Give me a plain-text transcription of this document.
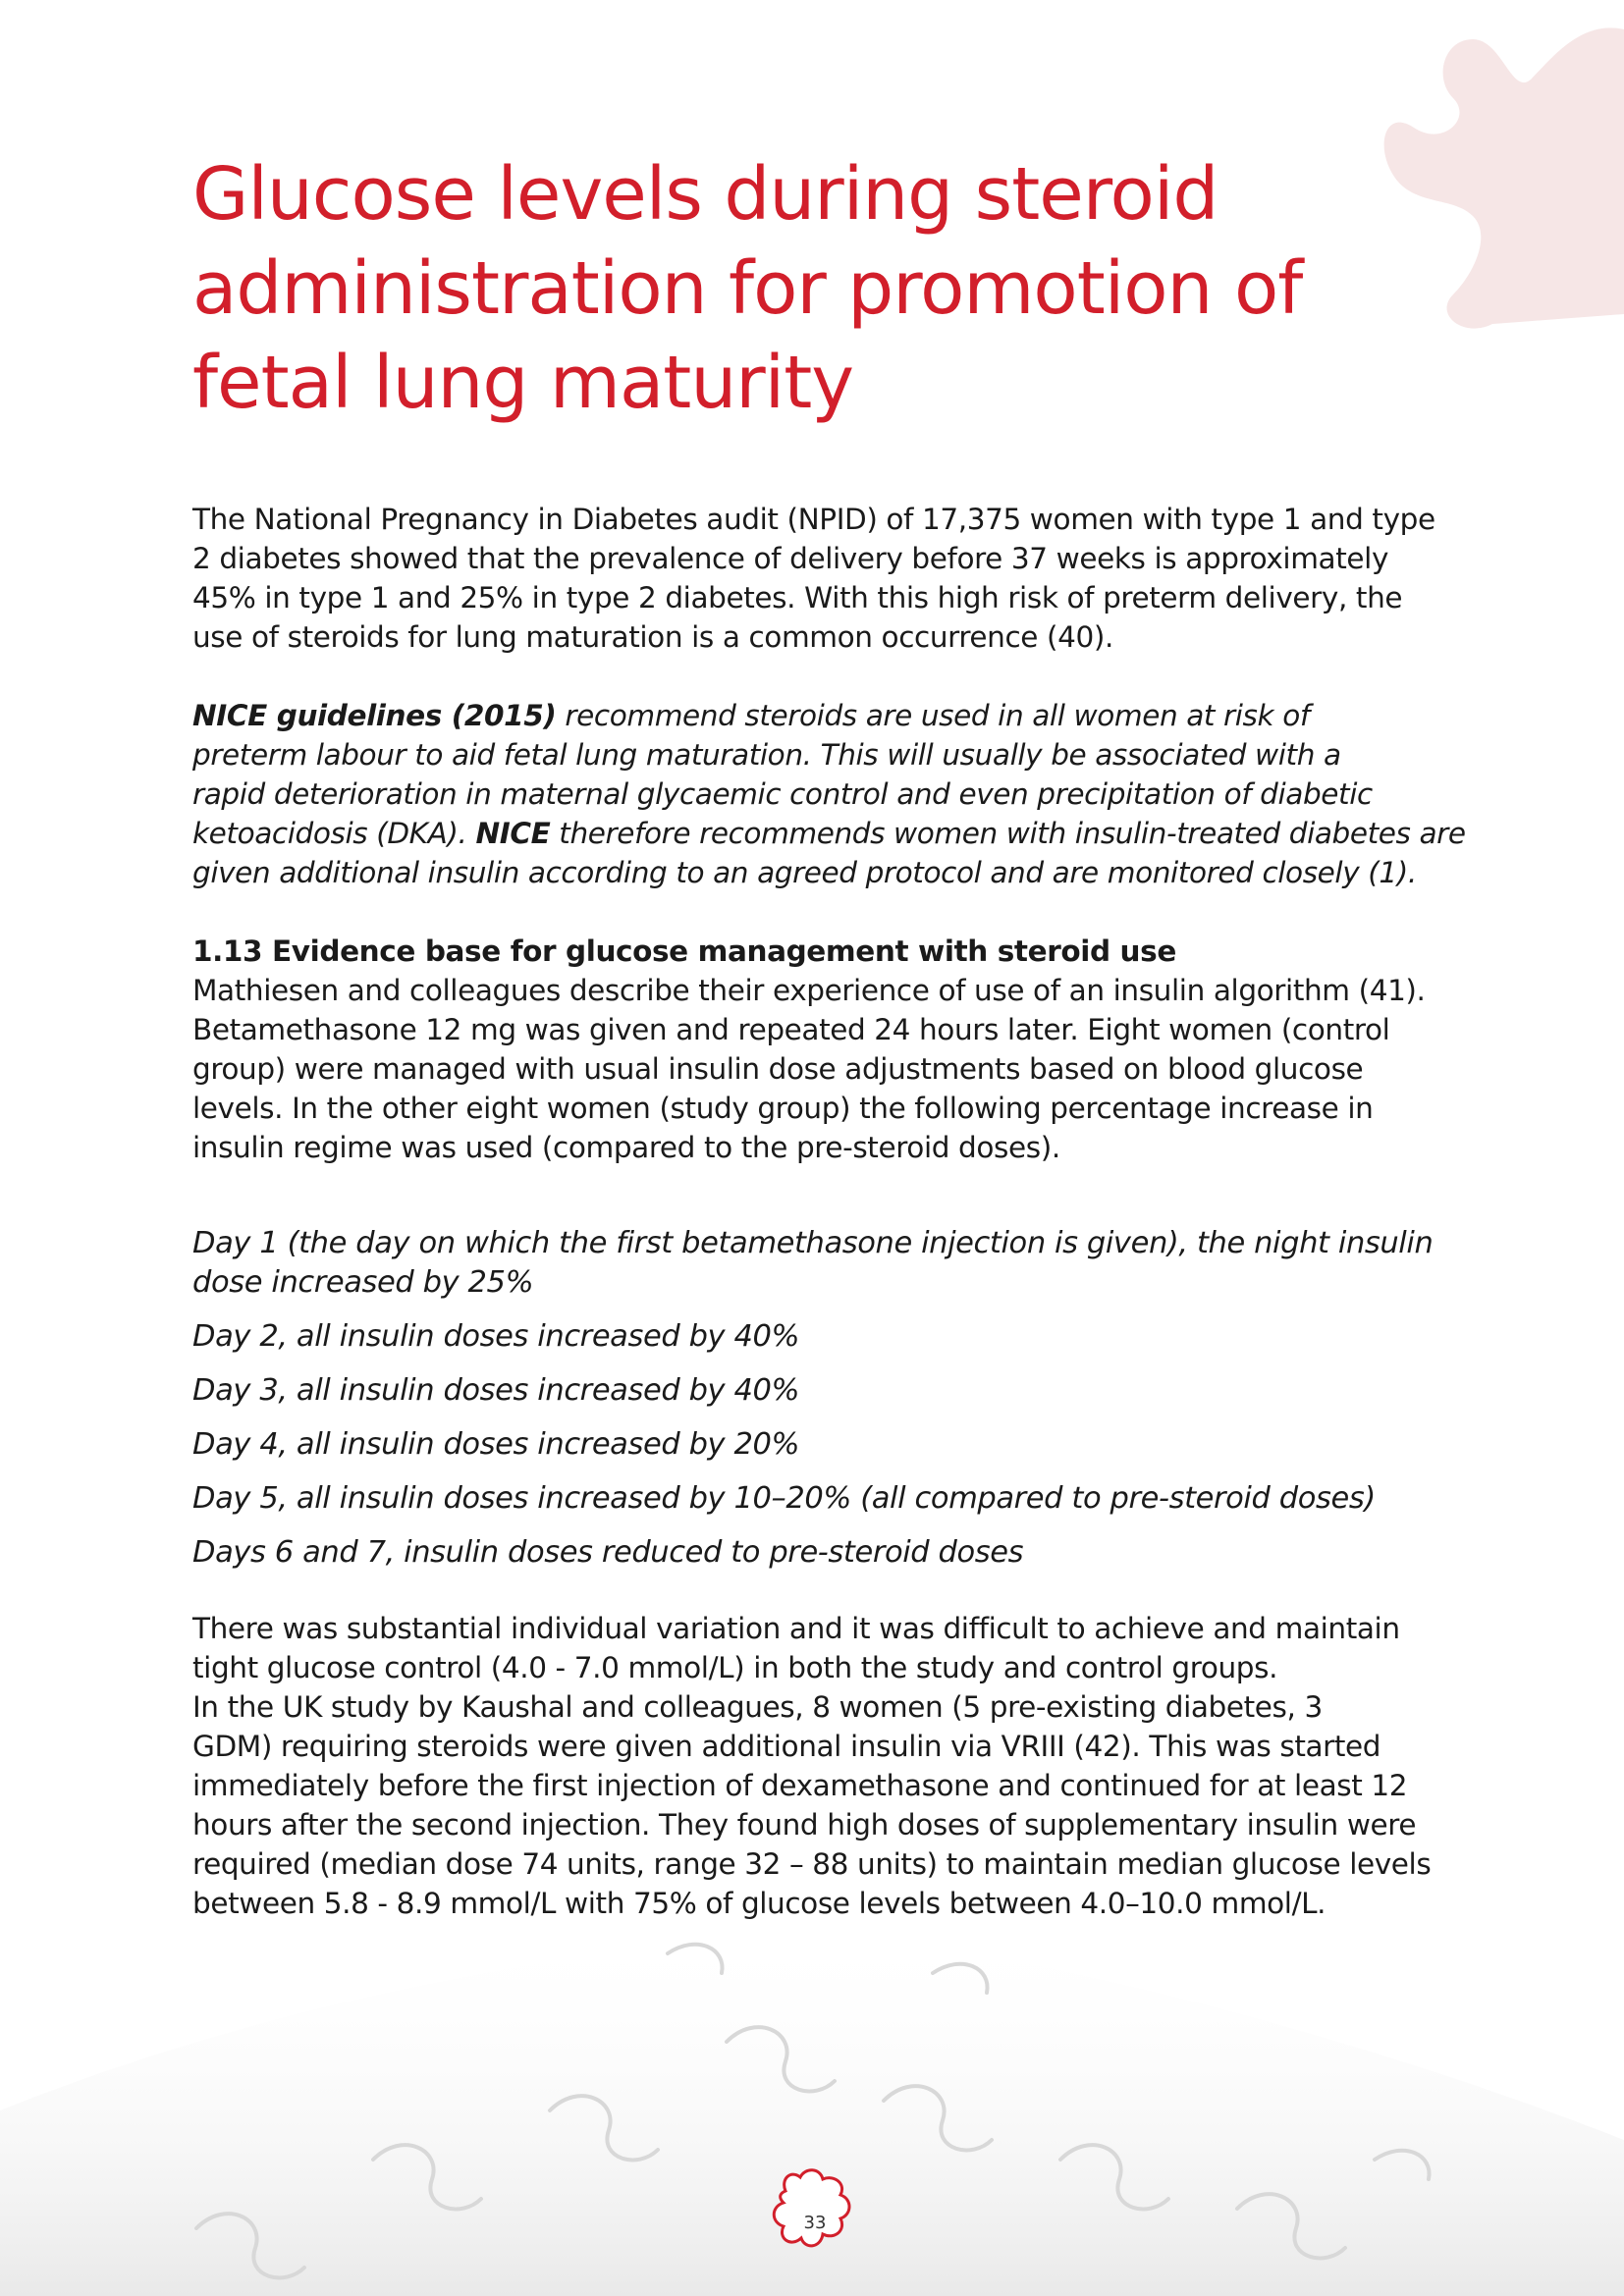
Glucose levels during steroid
administration for promotion of
fetal lung maturity

The National Pregnancy in Diabetes audit (NPID) of 17,375 women with type 1 and type
2 diabetes showed that the prevalence of delivery before 37 weeks is approximately
45% in type 1 and 25% in type 2 diabetes. With this high risk of preterm delivery, the
use of steroids for lung maturation is a common occurrence (40).

NICE guidelines (2015) recommend steroids are used in all women at risk of
preterm labour to aid fetal lung maturation. This will usually be associated with a
rapid deterioration in maternal glycaemic control and even precipitation of diabetic
ketoacidosis (DKA). NICE therefore recommends women with insulin-treated diabetes are
given additional insulin according to an agreed protocol and are monitored closely (1).

1.13 Evidence base for glucose management with steroid use

Mathiesen and colleagues describe their experience of use of an insulin algorithm (41).
Betamethasone 12 mg was given and repeated 24 hours later. Eight women (control
group) were managed with usual insulin dose adjustments based on blood glucose
levels. In the other eight women (study group) the following percentage increase in
insulin regime was used (compared to the pre-steroid doses).

Day 1 (the day on which the first betamethasone injection is given), the night insulin
dose increased by 25%
Day 2, all insulin doses increased by 40%
Day 3, all insulin doses increased by 40%
Day 4, all insulin doses increased by 20%
Day 5, all insulin doses increased by 10–20% (all compared to pre-steroid doses)
Days 6 and 7, insulin doses reduced to pre-steroid doses

There was substantial individual variation and it was difficult to achieve and maintain
tight glucose control (4.0 - 7.0 mmol/L) in both the study and control groups.
In the UK study by Kaushal and colleagues, 8 women (5 pre-existing diabetes, 3
GDM) requiring steroids were given additional insulin via VRIII (42). This was started
immediately before the first injection of dexamethasone and continued for at least 12
hours after the second injection. They found high doses of supplementary insulin were
required (median dose 74 units, range 32 – 88 units) to maintain median glucose levels
between 5.8 - 8.9 mmol/L with 75% of glucose levels between 4.0–10.0 mmol/L.

33
